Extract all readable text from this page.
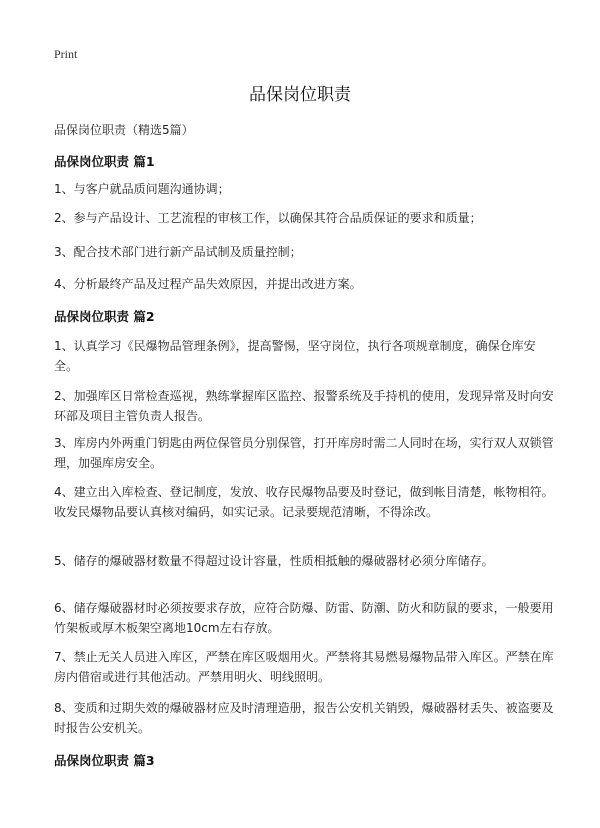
Print
品保岗位职责
品保岗位职责（精选5篇）
品保岗位职责 篇1
1、与客户就品质问题沟通协调；
2、参与产品设计、工艺流程的审核工作，以确保其符合品质保证的要求和质量；
3、配合技术部门进行新产品试制及质量控制；
4、分析最终产品及过程产品失效原因，并提出改进方案。
品保岗位职责 篇2
1、认真学习《民爆物品管理条例》，提高警惕，坚守岗位，执行各项规章制度，确保仓库安全。
2、加强库区日常检查巡视，熟练掌握库区监控、报警系统及手持机的使用，发现异常及时向安环部及项目主管负责人报告。
3、库房内外两重门钥匙由两位保管员分别保管，打开库房时需二人同时在场，实行双人双锁管理，加强库房安全。
4、建立出入库检查、登记制度，发放、收存民爆物品要及时登记，做到帐目清楚，帐物相符。收发民爆物品要认真核对编码，如实记录。记录要规范清晰，不得涂改。
5、储存的爆破器材数量不得超过设计容量，性质相抵触的爆破器材必须分库储存。
6、储存爆破器材时必须按要求存放，应符合防爆、防雷、防潮、防火和防鼠的要求，一般要用竹架板或厚木板架空离地10cm左右存放。
7、禁止无关人员进入库区，严禁在库区吸烟用火。严禁将其易燃易爆物品带入库区。严禁在库房内借宿或进行其他活动。严禁用明火、明线照明。
8、变质和过期失效的爆破器材应及时清理造册，报告公安机关销毁，爆破器材丢失、被盗要及时报告公安机关。
品保岗位职责 篇3
